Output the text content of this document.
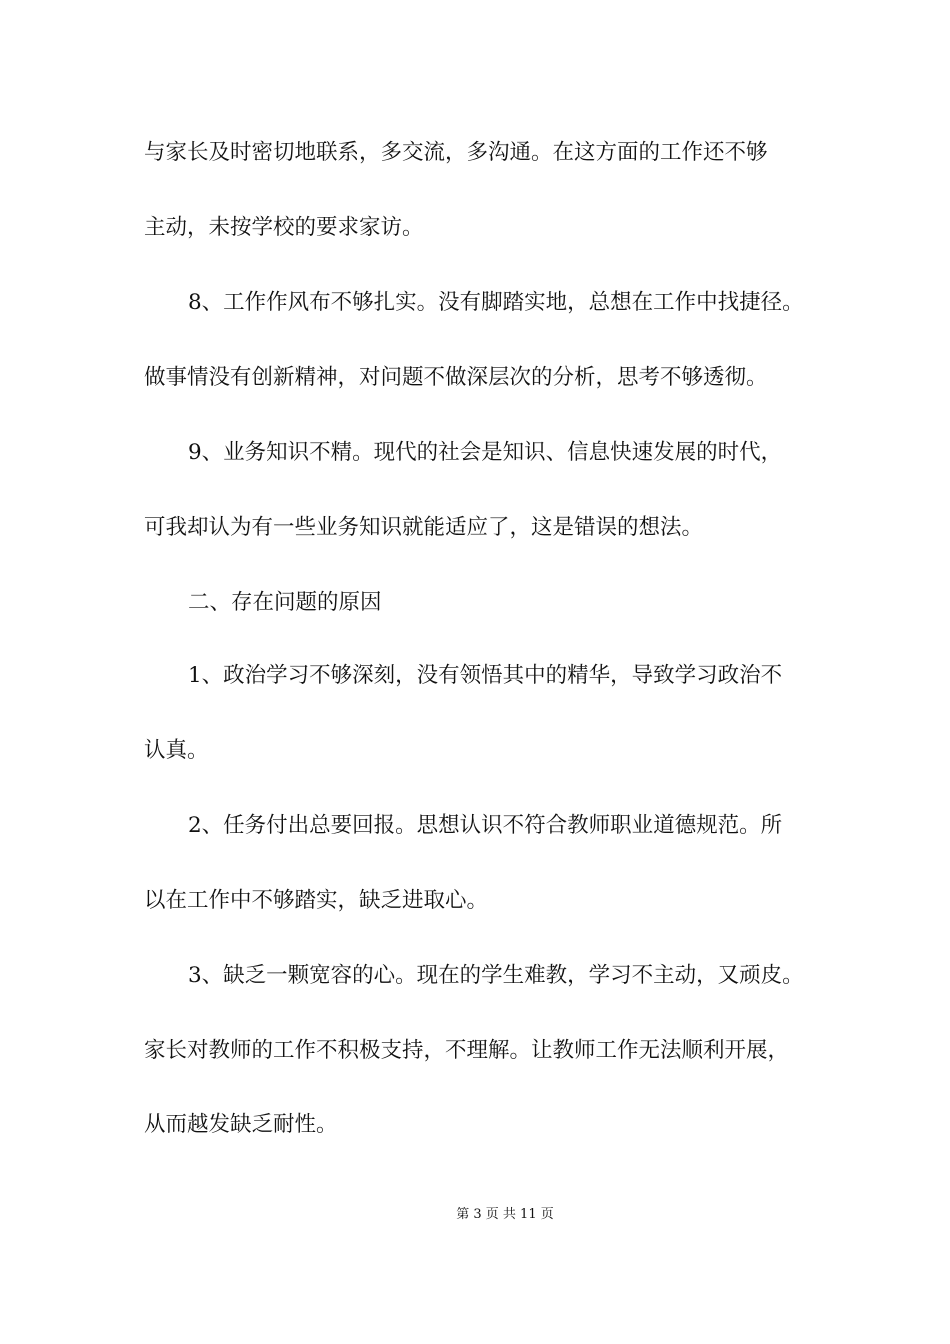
与家长及时密切地联系，多交流，多沟通。在这方面的工作还不够
主动，未按学校的要求家访。
8、工作作风布不够扎实。没有脚踏实地，总想在工作中找捷径。
做事情没有创新精神，对问题不做深层次的分析，思考不够透彻。
9、业务知识不精。现代的社会是知识、信息快速发展的时代，
可我却认为有一些业务知识就能适应了，这是错误的想法。
二、存在问题的原因
1、政治学习不够深刻，没有领悟其中的精华，导致学习政治不
认真。
2、任务付出总要回报。思想认识不符合教师职业道德规范。所
以在工作中不够踏实，缺乏进取心。
3、缺乏一颗宽容的心。现在的学生难教，学习不主动，又顽皮。
家长对教师的工作不积极支持，不理解。让教师工作无法顺利开展，
从而越发缺乏耐性。
第 3 页 共 11 页
